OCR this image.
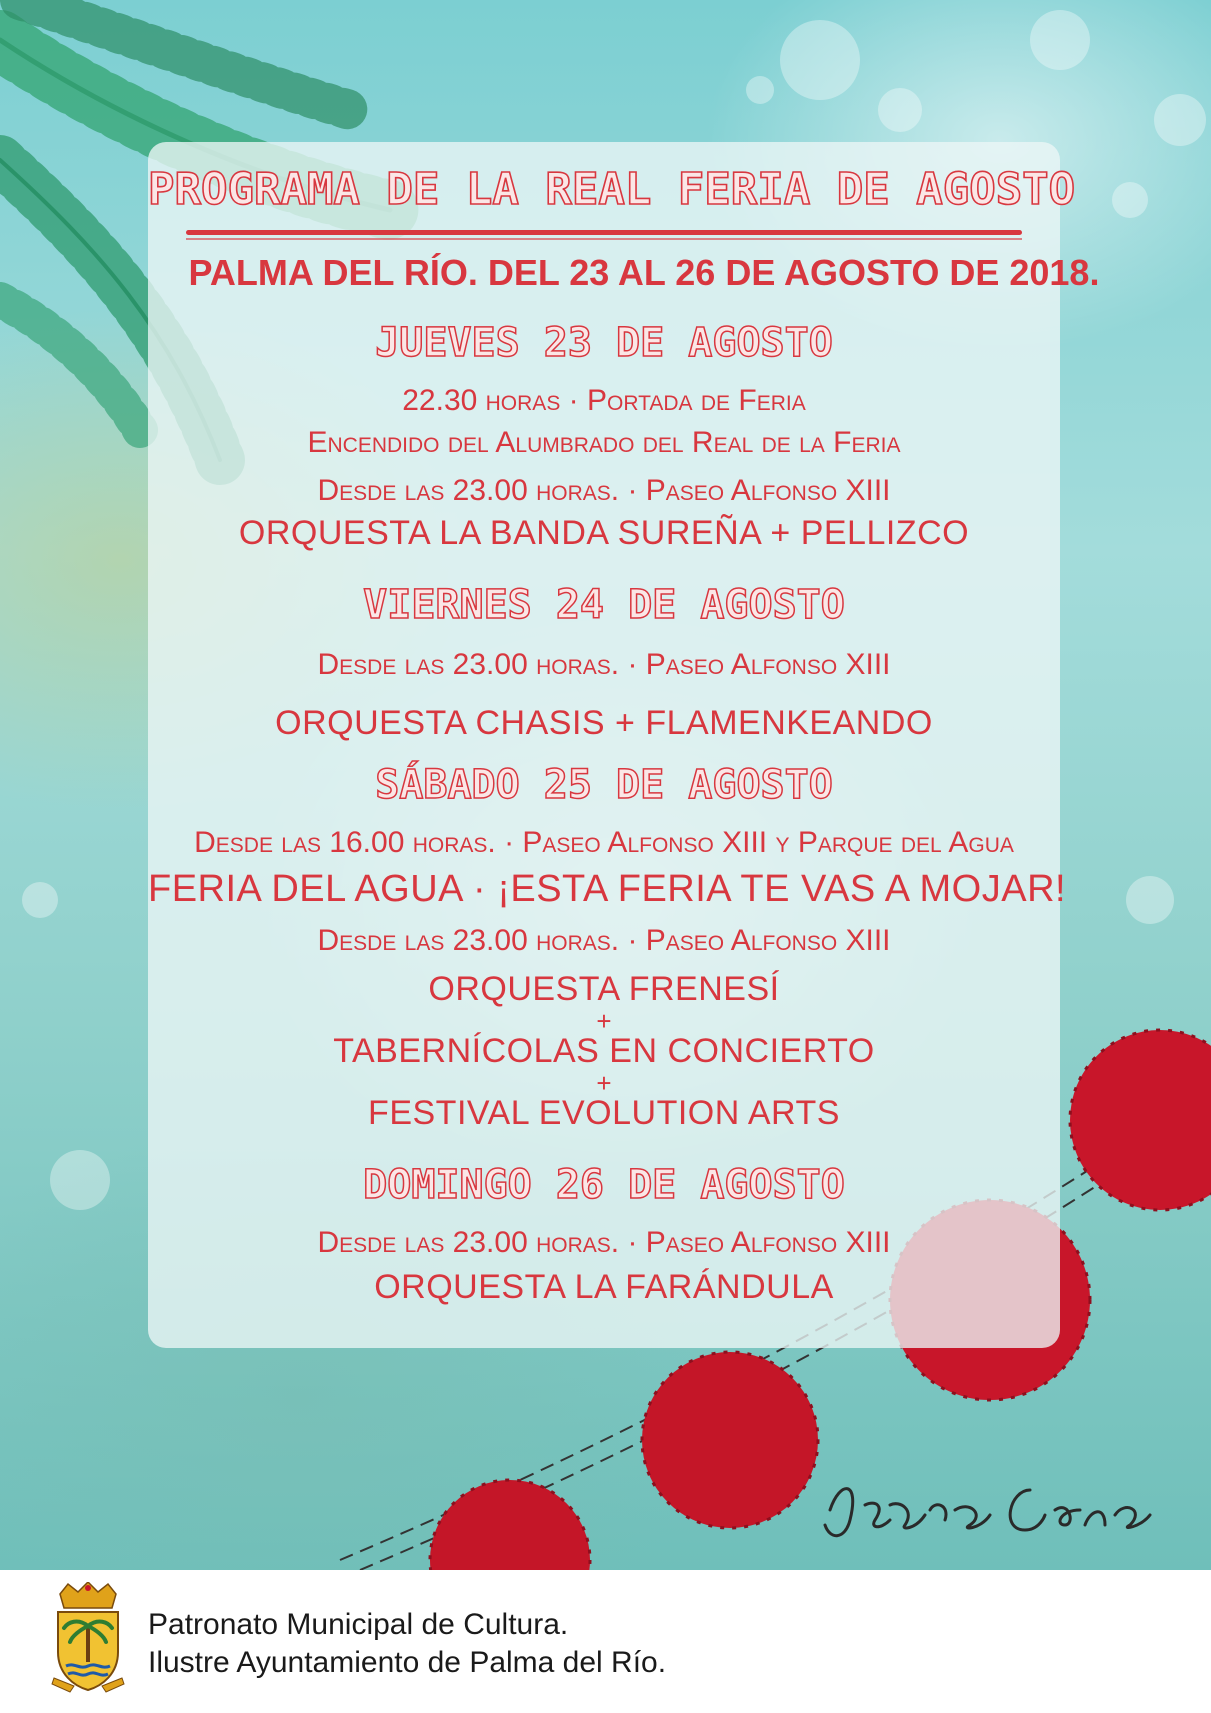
PROGRAMA DE LA REAL FERIA DE AGOSTO
PALMA DEL RÍO. DEL 23 AL 26 DE AGOSTO DE 2018.
JUEVES 23 DE AGOSTO
22.30 horas · Portada de Feria
Encendido del Alumbrado del Real de la Feria
Desde las 23.00 horas. · Paseo Alfonso XIII
ORQUESTA LA BANDA SUREÑA + PELLIZCO
VIERNES 24 DE AGOSTO
Desde las 23.00 horas. · Paseo Alfonso XIII
ORQUESTA CHASIS + FLAMENKEANDO
SÁBADO 25 DE AGOSTO
Desde las 16.00 horas. · Paseo Alfonso XIII y Parque del Agua
FERIA DEL AGUA · ¡ESTA FERIA TE VAS A MOJAR!
Desde las 23.00 horas. · Paseo Alfonso XIII
ORQUESTA FRENESÍ
+
TABERNÍCOLAS EN CONCIERTO
+
FESTIVAL EVOLUTION ARTS
DOMINGO 26 DE AGOSTO
Desde las 23.00 horas. · Paseo Alfonso XIII
ORQUESTA LA FARÁNDULA
Patronato Municipal de Cultura.
Ilustre Ayuntamiento de Palma del Río.
